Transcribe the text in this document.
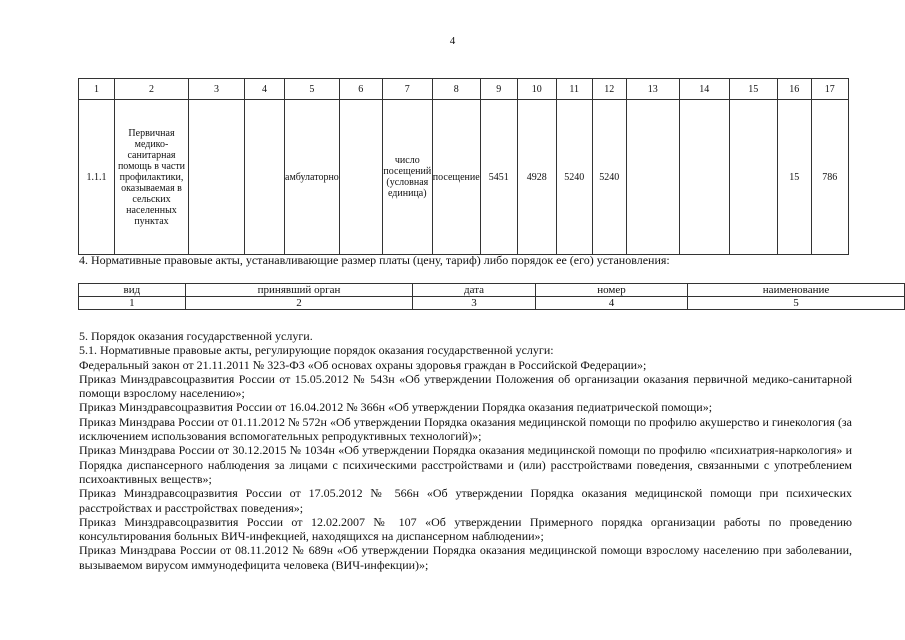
4
1	2	3	4	5	6	7	8	9	10	11	12	13	14	15	16	17
1.1.1	Первичная медико-санитарная помощь в части профилактики, оказываемая в сельских населенных пунктах			амбулаторно		число посещений (условная единица)	посещение	5451	4928	5240	5240				15	786
4. Нормативные правовые акты, устанавливающие размер платы (цену, тариф) либо порядок ее (его) установления:
вид	принявший орган	дата	номер	наименование
1	2	3	4	5

5. Порядок оказания государственной услуги.

5.1. Нормативные правовые акты, регулирующие порядок оказания государственной услуги:

Федеральный закон от 21.11.2011 № 323-ФЗ «Об основах охраны здоровья граждан в Российской Федерации»;

Приказ Минздравсоцразвития России от 15.05.2012 № 543н «Об утверждении Положения об организации оказания первичной медико-санитарной помощи взрослому населению»;

Приказ Минздравсоцразвития России от 16.04.2012 № 366н «Об утверждении Порядка оказания педиатрической помощи»;

Приказ Минздрава России от 01.11.2012 № 572н «Об утверждении Порядка оказания медицинской помощи по профилю акушерство и гинекология (за исключением использования вспомогательных репродуктивных технологий)»;

Приказ Минздрава России от 30.12.2015 № 1034н «Об утверждении Порядка оказания медицинской помощи по профилю «психиатрия-наркология» и Порядка диспансерного наблюдения за лицами с психическими расстройствами и (или) расстройствами поведения, связанными с употреблением психоактивных веществ»;

Приказ Минздравсоцразвития России от 17.05.2012 № 566н «Об утверждении Порядка оказания медицинской помощи при психических расстройствах и расстройствах поведения»;

Приказ Минздравсоцразвития России от 12.02.2007 № 107 «Об утверждении Примерного порядка организации работы по проведению консультирования больных ВИЧ-инфекцией, находящихся на диспансерном наблюдении»;

Приказ Минздрава России от 08.11.2012 № 689н «Об утверждении Порядка оказания медицинской помощи взрослому населению при заболевании, вызываемом вирусом иммунодефицита человека (ВИЧ-инфекции)»;
